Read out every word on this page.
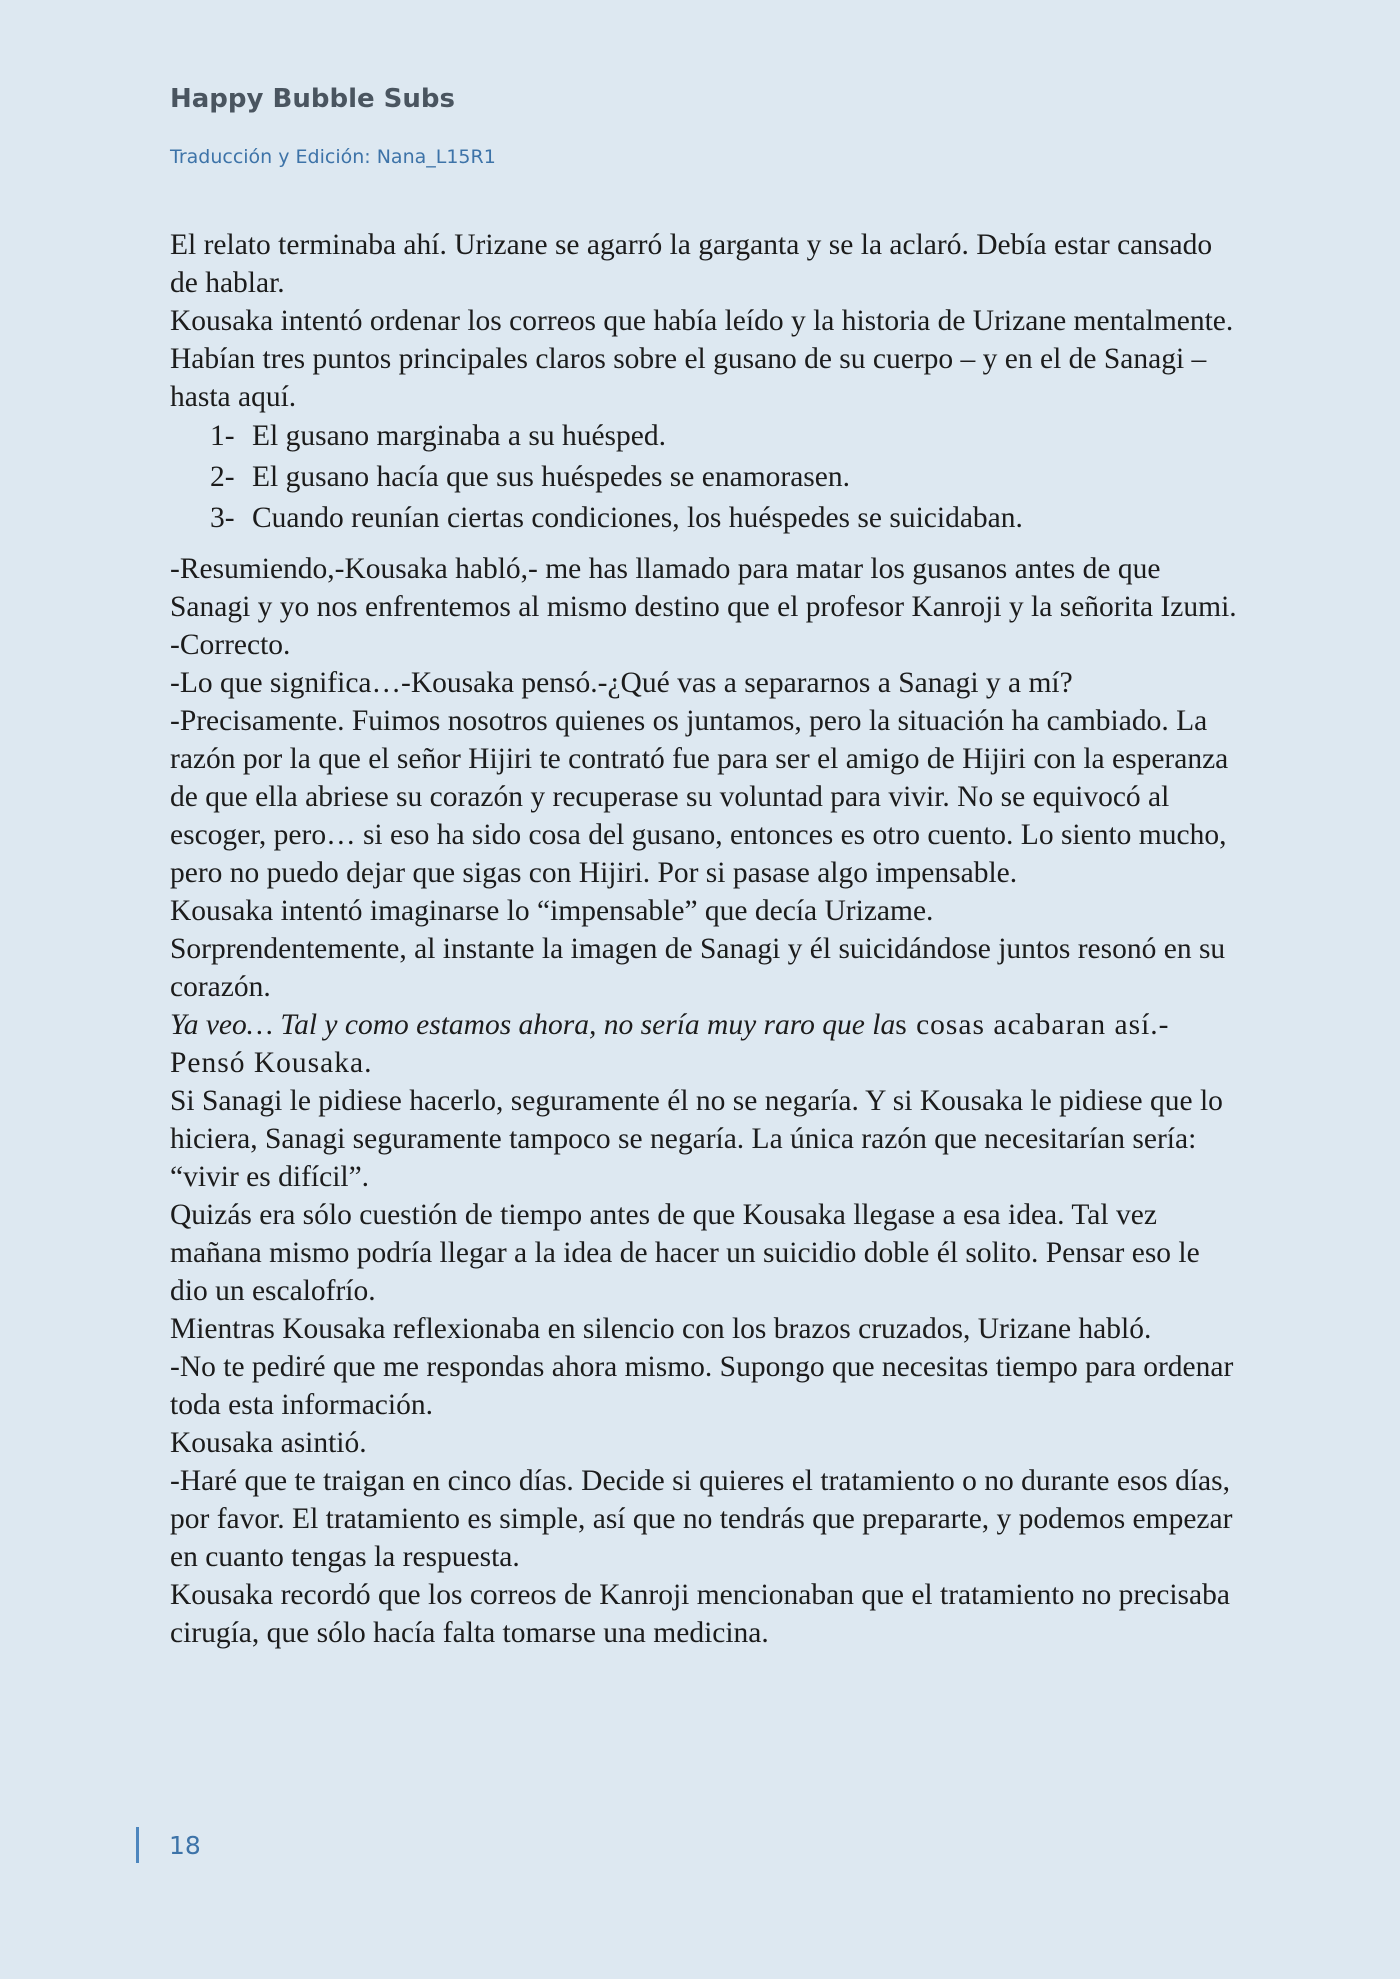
Happy Bubble Subs
Traducción y Edición: Nana_L15R1

El relato terminaba ahí. Urizane se agarró la garganta y se la aclaró. Debía estar cansado de hablar.

Kousaka intentó ordenar los correos que había leído y la historia de Urizane mentalmente. Habían tres puntos principales claros sobre el gusano de su cuerpo – y en el de Sanagi – hasta aquí.

1- El gusano marginaba a su huésped.
2- El gusano hacía que sus huéspedes se enamorasen.
3- Cuando reunían ciertas condiciones, los huéspedes se suicidaban.

-Resumiendo,-Kousaka habló,- me has llamado para matar los gusanos antes de que Sanagi y yo nos enfrentemos al mismo destino que el profesor Kanroji y la señorita Izumi.

-Correcto.

-Lo que significa…-Kousaka pensó.-¿Qué vas a separarnos a Sanagi y a mí?

-Precisamente. Fuimos nosotros quienes os juntamos, pero la situación ha cambiado. La razón por la que el señor Hijiri te contrató fue para ser el amigo de Hijiri con la esperanza de que ella abriese su corazón y recuperase su voluntad para vivir. No se equivocó al escoger, pero… si eso ha sido cosa del gusano, entonces es otro cuento. Lo siento mucho, pero no puedo dejar que sigas con Hijiri. Por si pasase algo impensable.

Kousaka intentó imaginarse lo “impensable” que decía Urizame.

Sorprendentemente, al instante la imagen de Sanagi y él suicidándose juntos resonó en su corazón.

Ya veo… Tal y como estamos ahora, no sería muy raro que las cosas acabaran así.-Pensó Kousaka.

Si Sanagi le pidiese hacerlo, seguramente él no se negaría. Y si Kousaka le pidiese que lo hiciera, Sanagi seguramente tampoco se negaría. La única razón que necesitarían sería: “vivir es difícil”.

Quizás era sólo cuestión de tiempo antes de que Kousaka llegase a esa idea. Tal vez mañana mismo podría llegar a la idea de hacer un suicidio doble él solito. Pensar eso le dio un escalofrío.

Mientras Kousaka reflexionaba en silencio con los brazos cruzados, Urizane habló.

-No te pediré que me respondas ahora mismo. Supongo que necesitas tiempo para ordenar toda esta información.

Kousaka asintió.

-Haré que te traigan en cinco días. Decide si quieres el tratamiento o no durante esos días, por favor. El tratamiento es simple, así que no tendrás que prepararte, y podemos empezar en cuanto tengas la respuesta.

Kousaka recordó que los correos de Kanroji mencionaban que el tratamiento no precisaba cirugía, que sólo hacía falta tomarse una medicina.

18
